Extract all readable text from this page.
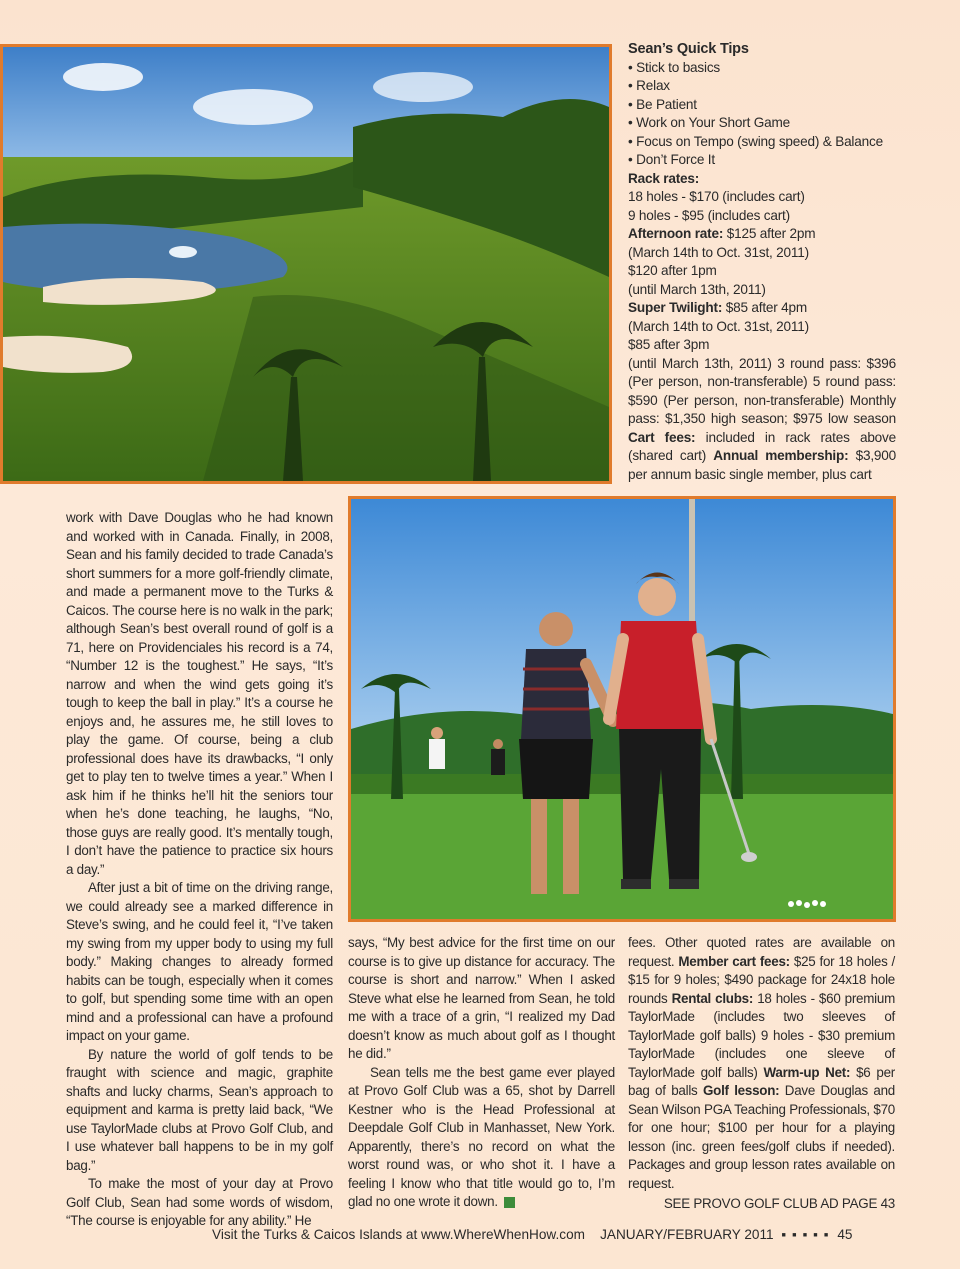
Sean’s Quick Tips
• Stick to basics
• Relax
• Be Patient
• Work on Your Short Game
• Focus on Tempo (swing speed) & Balance
• Don’t Force It
Rack rates:
18 holes - $170 (includes cart)
9 holes - $95 (includes cart)
Afternoon rate: $125 after 2pm
(March 14th to Oct. 31st, 2011)
$120 after 1pm
(until March 13th, 2011)
Super Twilight: $85 after 4pm
(March 14th to Oct. 31st, 2011)
$85 after 3pm

(until March 13th, 2011) 3 round pass: $396 (Per person, non-transferable) 5 round pass: $590 (Per person, non-transferable) Monthly pass: $1,350 high season; $975 low season Cart fees: included in rack rates above (shared cart) Annual membership: $3,900 per annum basic single member, plus cart

work with Dave Douglas who he had known and worked with in Canada. Finally, in 2008, Sean and his family decided to trade Canada’s short summers for a more golf-friendly climate, and made a permanent move to the Turks & Caicos. The course here is no walk in the park; although Sean’s best overall round of golf is a 71, here on Providenciales his record is a 74, “Number 12 is the toughest.” He says, “It’s narrow and when the wind gets going it’s tough to keep the ball in play.” It’s a course he enjoys and, he assures me, he still loves to play the game. Of course, being a club professional does have its drawbacks, “I only get to play ten to twelve times a year.” When I ask him if he thinks he’ll hit the seniors tour when he’s done teaching, he laughs, “No, those guys are really good. It’s mentally tough, I don’t have the patience to practice six hours a day.”

After just a bit of time on the driving range, we could already see a marked difference in Steve’s swing, and he could feel it, “I’ve taken my swing from my upper body to using my full body.” Making changes to already formed habits can be tough, especially when it comes to golf, but spending some time with an open mind and a professional can have a profound impact on your game.

By nature the world of golf tends to be fraught with science and magic, graphite shafts and lucky charms, Sean’s approach to equipment and karma is pretty laid back, “We use TaylorMade clubs at Provo Golf Club, and I use whatever ball happens to be in my golf bag.”

To make the most of your day at Provo Golf Club, Sean had some words of wisdom, “The course is enjoyable for any ability.” He

says, “My best advice for the first time on our course is to give up distance for accuracy. The course is short and narrow.” When I asked Steve what else he learned from Sean, he told me with a trace of a grin, “I realized my Dad doesn’t know as much about golf as I thought he did.”

Sean tells me the best game ever played at Provo Golf Club was a 65, shot by Darrell Kestner who is the Head Professional at Deepdale Golf Club in Manhasset, New York. Apparently, there’s no record on what the worst round was, or who shot it. I have a feeling I know who that title would go to, I’m glad no one wrote it down.

fees. Other quoted rates are available on request. Member cart fees: $25 for 18 holes / $15 for 9 holes; $490 package for 24x18 hole rounds Rental clubs: 18 holes - $60 premium TaylorMade (includes two sleeves of TaylorMade golf balls) 9 holes - $30 premium TaylorMade (includes one sleeve of TaylorMade golf balls) Warm-up Net: $6 per bag of balls Golf lesson: Dave Douglas and Sean Wilson PGA Teaching Professionals, $70 for one hour; $100 per hour for a playing lesson (inc. green fees/golf clubs if needed). Packages and group lesson rates available on request.

SEE PROVO GOLF CLUB AD PAGE 43
Visit the Turks & Caicos Islands at www.WhereWhenHow.com JANUARY/FEBRUARY 2011 ▪ ▪ ▪ ▪ ▪ 45
